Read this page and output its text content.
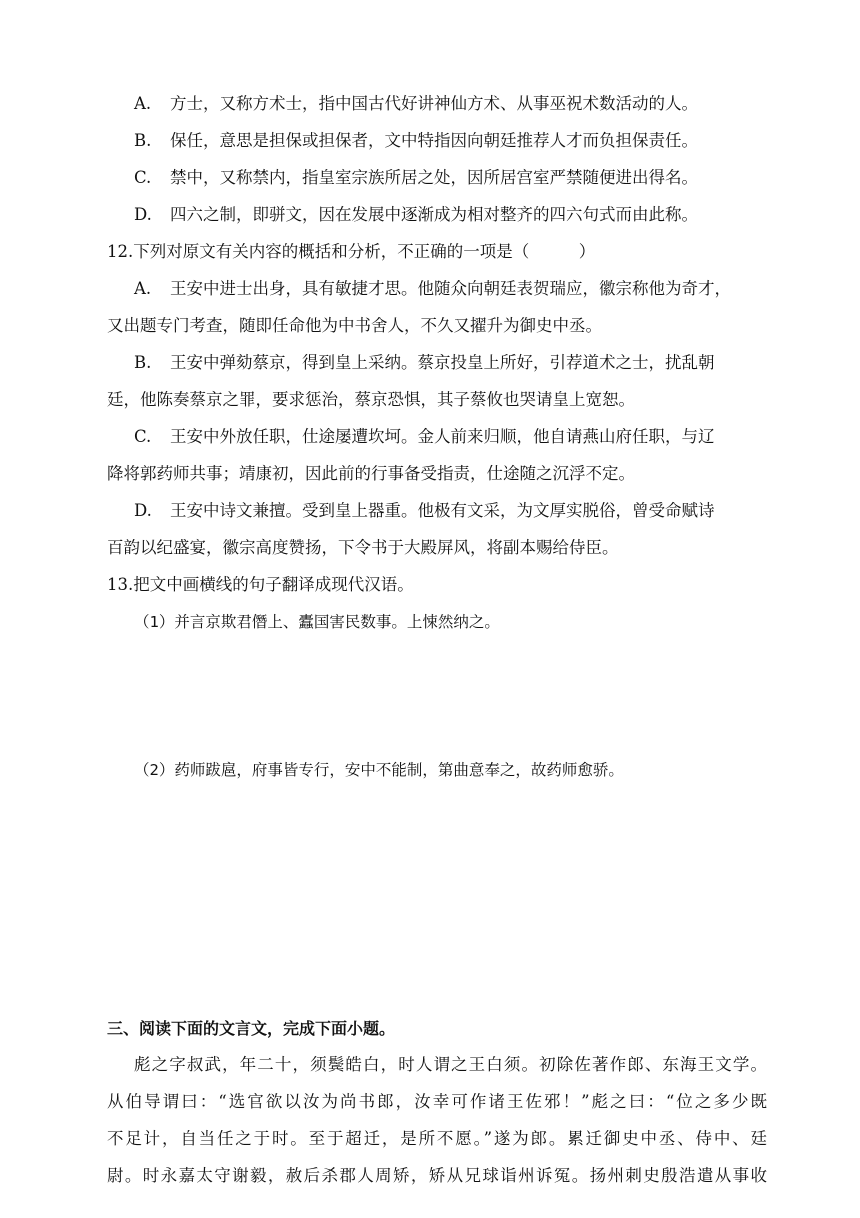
A. 方士，又称方术士，指中国古代好讲神仙方术、从事巫祝术数活动的人。
B. 保任，意思是担保或担保者，文中特指因向朝廷推荐人才而负担保责任。
C. 禁中，又称禁内，指皇室宗族所居之处，因所居宫室严禁随便进出得名。
D. 四六之制，即骈文，因在发展中逐渐成为相对整齐的四六句式而由此称。
12.下列对原文有关内容的概括和分析，不正确的一项是（　　　）
A. 王安中进士出身，具有敏捷才思。他随众向朝廷表贺瑞应，徽宗称他为奇才，
又出题专门考查，随即任命他为中书舍人，不久又擢升为御史中丞。
B. 王安中弹劾蔡京，得到皇上采纳。蔡京投皇上所好，引荐道术之士，扰乱朝
廷，他陈奏蔡京之罪，要求惩治，蔡京恐惧，其子蔡攸也哭请皇上宽恕。
C. 王安中外放任职，仕途屡遭坎坷。金人前来归顺，他自请燕山府任职，与辽
降将郭药师共事；靖康初，因此前的行事备受指责，仕途随之沉浮不定。
D. 王安中诗文兼擅。受到皇上器重。他极有文采，为文厚实脱俗，曾受命赋诗
百韵以纪盛宴，徽宗高度赞扬，下令书于大殿屏风，将副本赐给侍臣。
13.把文中画横线的句子翻译成现代汉语。
（1）并言京欺君僭上、蠹国害民数事。上悚然纳之。
（2）药师跋扈，府事皆专行，安中不能制，第曲意奉之，故药师愈骄。
三、阅读下面的文言文，完成下面小题。
彪之字叔武，年二十，须鬓皓白，时人谓之王白须。初除佐著作郎、东海王文学。
从伯导谓曰：“选官欲以汝为尚书郎，汝幸可作诸王佐邪！”彪之曰：“位之多少既
不足计，自当任之于时。至于超迁，是所不愿。”遂为郎。累迁御史中丞、侍中、廷
尉。时永嘉太守谢毅，赦后杀郡人周矫，矫从兄球诣州诉冤。扬州刺史殷浩遣从事收
